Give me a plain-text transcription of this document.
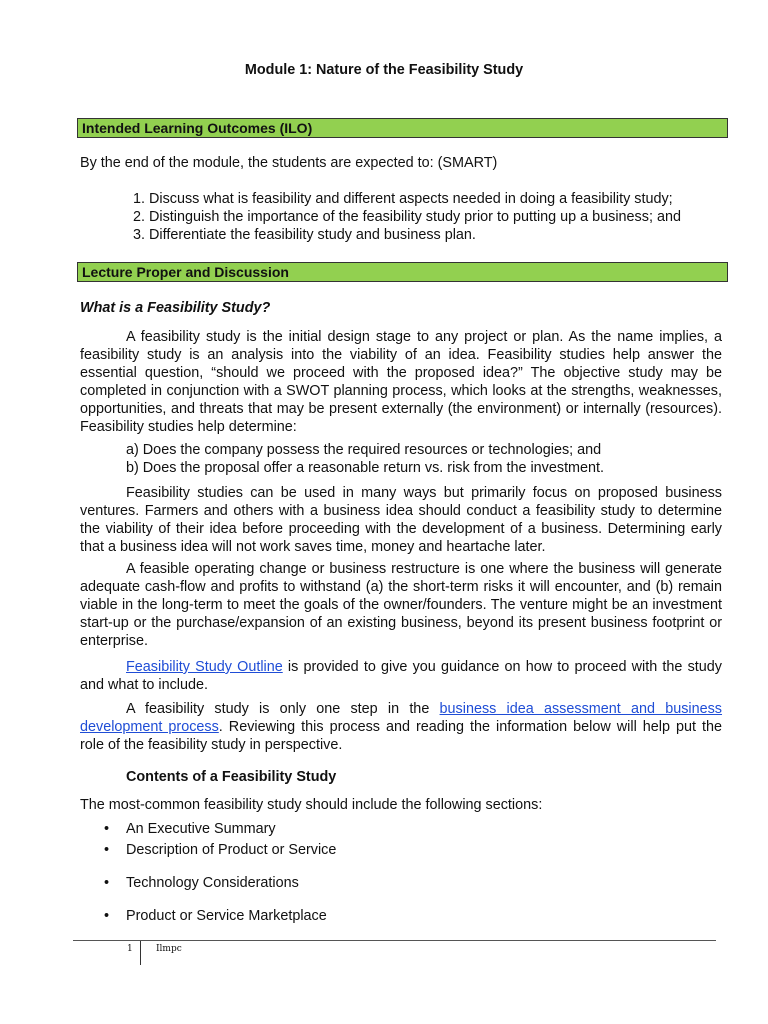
Module 1: Nature of the Feasibility Study
Intended Learning Outcomes (ILO)
By the end of the module, the students are expected to: (SMART)
1. Discuss what is feasibility and different aspects needed in doing a feasibility study;
2. Distinguish the importance of the feasibility study prior to putting up a business; and
3. Differentiate the feasibility study and business plan.
Lecture Proper and Discussion
What is a Feasibility Study?

A feasibility study is the initial design stage to any project or plan. As the name implies, a feasibility study is an analysis into the viability of an idea. Feasibility studies help answer the essential question, “should we proceed with the proposed idea?” The objective study may be completed in conjunction with a SWOT planning process, which looks at the strengths, weaknesses, opportunities, and threats that may be present externally (the environment) or internally (resources). Feasibility studies help determine:

a) Does the company possess the required resources or technologies; and
b) Does the proposal offer a reasonable return vs. risk from the investment.

Feasibility studies can be used in many ways but primarily focus on proposed business ventures. Farmers and others with a business idea should conduct a feasibility study to determine the viability of their idea before proceeding with the development of a business. Determining early that a business idea will not work saves time, money and heartache later.

A feasible operating change or business restructure is one where the business will generate adequate cash-flow and profits to withstand (a) the short-term risks it will encounter, and (b) remain viable in the long-term to meet the goals of the owner/founders. The venture might be an investment start-up or the purchase/expansion of an existing business, beyond its present business footprint or enterprise.

Feasibility Study Outline is provided to give you guidance on how to proceed with the study and what to include.

A feasibility study is only one step in the business idea assessment and business development process. Reviewing this process and reading the information below will help put the role of the feasibility study in perspective.

Contents of a Feasibility Study
The most-common feasibility study should include the following sections:
• An Executive Summary
• Description of Product or Service
• Technology Considerations
• Product or Service Marketplace
1	Ilmpc
